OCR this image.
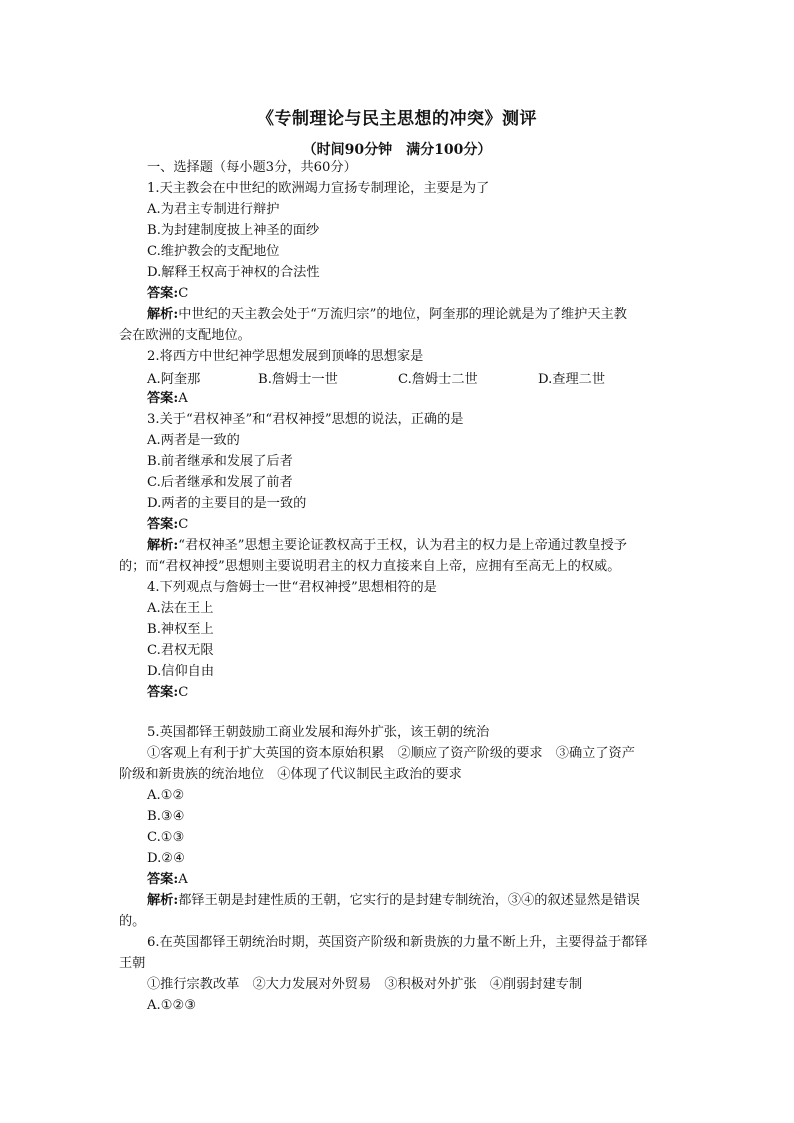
《专制理论与民主思想的冲突》测评
（时间90分钟　满分100分）
一、选择题（每小题3分，共60分）
1.天主教会在中世纪的欧洲竭力宣扬专制理论，主要是为了
A.为君主专制进行辩护
B.为封建制度披上神圣的面纱
C.维护教会的支配地位
D.解释王权高于神权的合法性
答案:C
解析:中世纪的天主教会处于“万流归宗”的地位，阿奎那的理论就是为了维护天主教
会在欧洲的支配地位。
2.将西方中世纪神学思想发展到顶峰的思想家是
A.阿奎那	B.詹姆士一世	C.詹姆士二世	D.查理二世
答案:A
3.关于“君权神圣”和“君权神授”思想的说法，正确的是
A.两者是一致的
B.前者继承和发展了后者
C.后者继承和发展了前者
D.两者的主要目的是一致的
答案:C
解析:“君权神圣”思想主要论证教权高于王权，认为君主的权力是上帝通过教皇授予
的；而“君权神授”思想则主要说明君主的权力直接来自上帝，应拥有至高无上的权威。
4.下列观点与詹姆士一世“君权神授”思想相符的是
A.法在王上
B.神权至上
C.君权无限
D.信仰自由
答案:C
5.英国都铎王朝鼓励工商业发展和海外扩张，该王朝的统治
①客观上有利于扩大英国的资本原始积累　②顺应了资产阶级的要求　③确立了资产
阶级和新贵族的统治地位　④体现了代议制民主政治的要求
A.①②
B.③④
C.①③
D.②④
答案:A
解析:都铎王朝是封建性质的王朝，它实行的是封建专制统治，③④的叙述显然是错误
的。
6.在英国都铎王朝统治时期，英国资产阶级和新贵族的力量不断上升，主要得益于都铎
王朝
①推行宗教改革　②大力发展对外贸易　③积极对外扩张　④削弱封建专制
A.①②③
